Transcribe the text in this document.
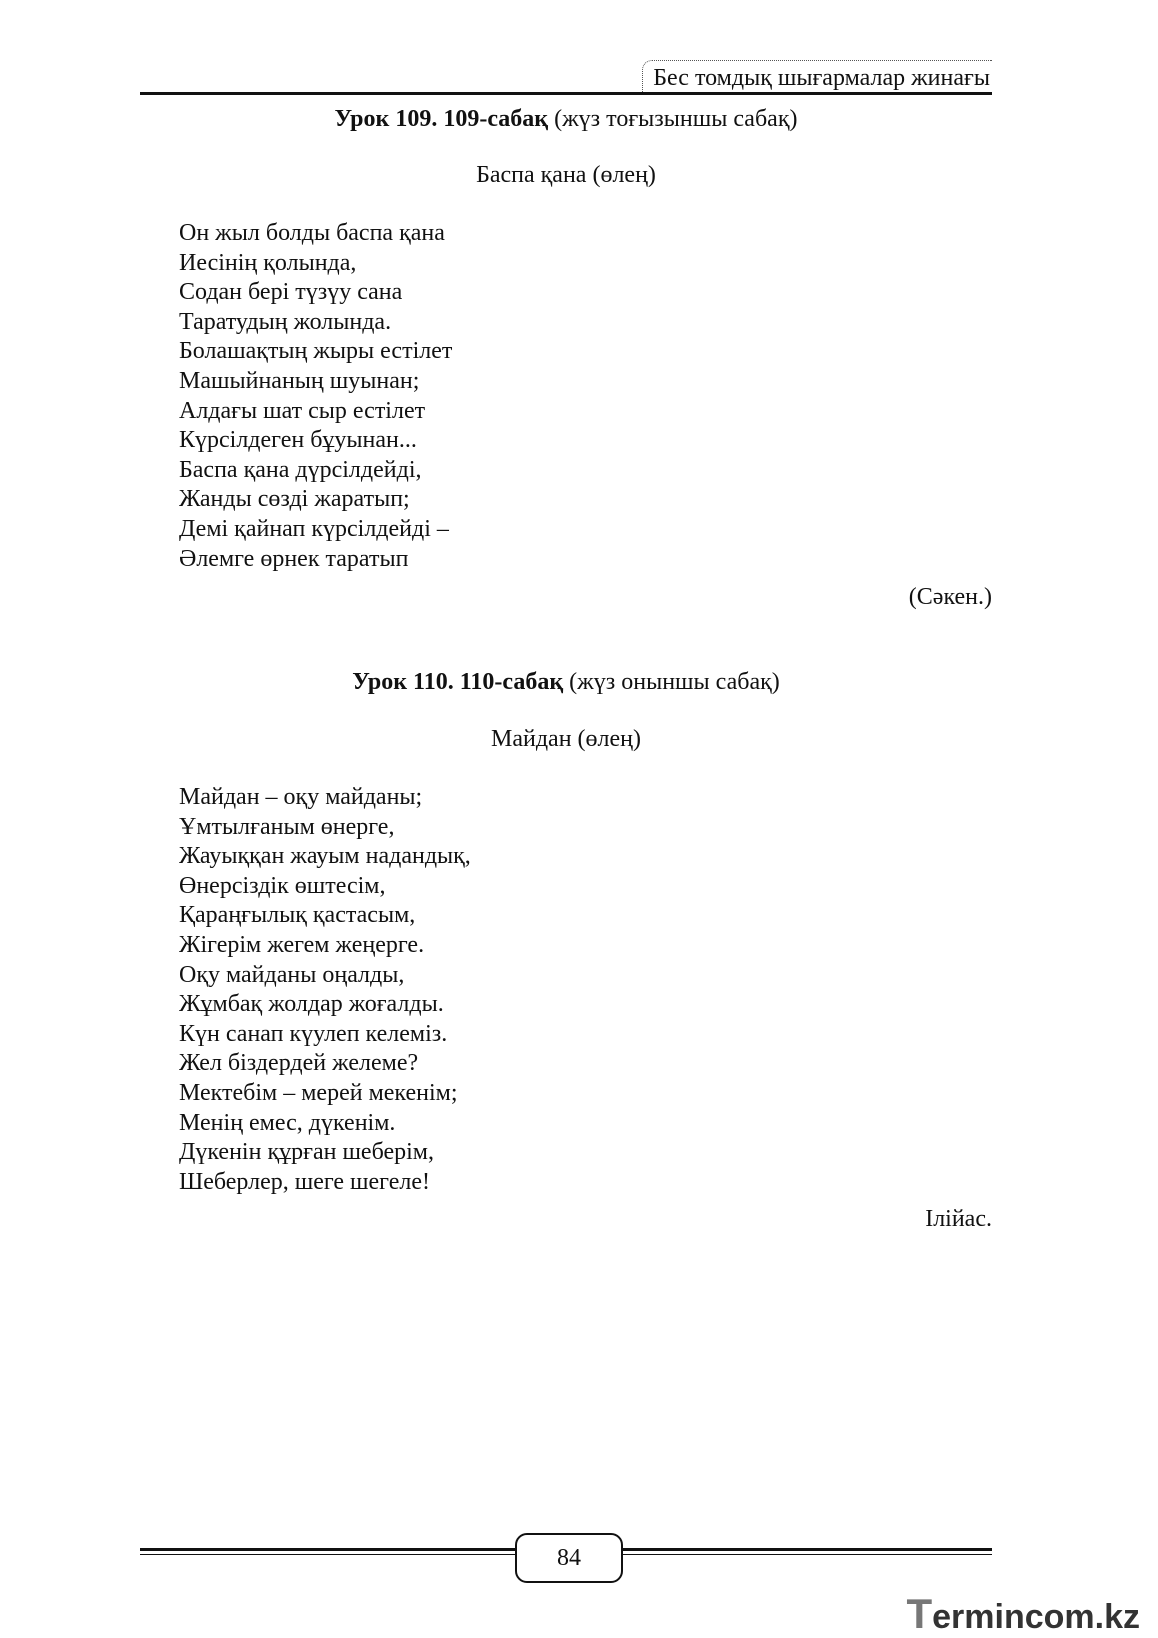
Бес томдық шығармалар жинағы
Урок 109. 109-сабақ (жүз тоғызыншы сабақ)
Баспа қана (өлең)
Он жыл болды баспа қана
Иесінің қолында,
Содан бері түзүу сана
Таратудың жолында.
Болашақтың жыры естілет
Машыйнаның шуынан;
Алдағы шат сыр естілет
Күрсілдеген бұуынан...
Баспа қана дүрсілдейді,
Жанды сөзді жаратып;
Демі қайнап күрсілдейді –
Әлемге өрнек таратып
(Сәкен.)
Урок 110. 110-сабақ (жүз оныншы сабақ)
Майдан (өлең)
Майдан – оқу майданы;
Ұмтылғаным өнерге,
Жауыққан жауым надандық,
Өнерсіздік өштесім,
Қараңғылық қастасым,
Жігерім жегем жеңерге.
Оқу майданы оңалды,
Жұмбақ жолдар жоғалды.
Күн санап күулеп келеміз.
Жел біздердей желеме?
Мектебім – мерей мекенім;
Менің емес, дүкенім.
Дүкенін құрған шеберім,
Шеберлер, шеге шегеле!
Ілійас.
84
Termincom.kz
